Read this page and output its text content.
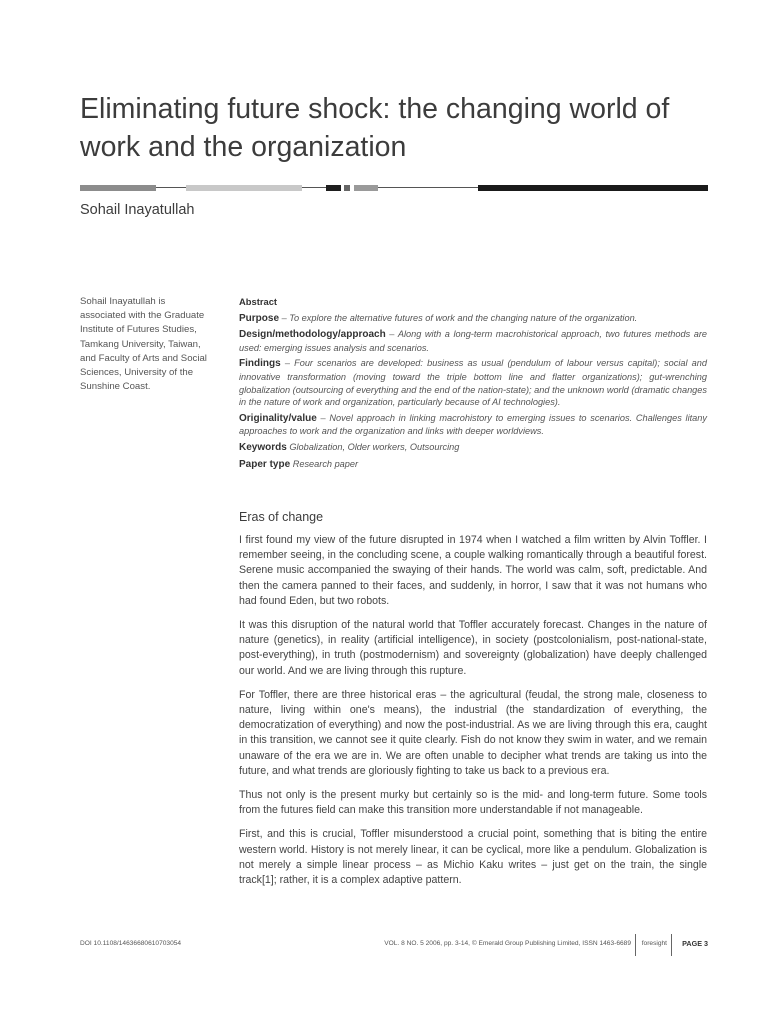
Eliminating future shock: the changing world of work and the organization
Sohail Inayatullah
Sohail Inayatullah is associated with the Graduate Institute of Futures Studies, Tamkang University, Taiwan, and Faculty of Arts and Social Sciences, University of the Sunshine Coast.
Abstract

Purpose – To explore the alternative futures of work and the changing nature of the organization.

Design/methodology/approach – Along with a long-term macrohistorical approach, two futures methods are used: emerging issues analysis and scenarios.

Findings – Four scenarios are developed: business as usual (pendulum of labour versus capital); social and innovative transformation (moving toward the triple bottom line and flatter organizations); gut-wrenching globalization (outsourcing of everything and the end of the nation-state); and the unknown world (dramatic changes in the nature of work and organization, particularly because of AI technologies).

Originality/value – Novel approach in linking macrohistory to emerging issues to scenarios. Challenges litany approaches to work and the organization and links with deeper worldviews.

Keywords Globalization, Older workers, Outsourcing

Paper type Research paper

Eras of change

I first found my view of the future disrupted in 1974 when I watched a film written by Alvin Toffler. I remember seeing, in the concluding scene, a couple walking romantically through a beautiful forest. Serene music accompanied the swaying of their hands. The world was calm, soft, predictable. And then the camera panned to their faces, and suddenly, in horror, I saw that it was not humans who had found Eden, but two robots.

It was this disruption of the natural world that Toffler accurately forecast. Changes in the nature of nature (genetics), in reality (artificial intelligence), in society (postcolonialism, post-national-state, post-everything), in truth (postmodernism) and sovereignty (globalization) have deeply challenged our world. And we are living through this rupture.

For Toffler, there are three historical eras – the agricultural (feudal, the strong male, closeness to nature, living within one's means), the industrial (the standardization of everything, the democratization of everything) and now the post-industrial. As we are living through this era, caught in this transition, we cannot see it quite clearly. Fish do not know they swim in water, and we remain unaware of the era we are in. We are often unable to decipher what trends are taking us into the future, and what trends are gloriously fighting to take us back to a previous era.

Thus not only is the present murky but certainly so is the mid- and long-term future. Some tools from the futures field can make this transition more understandable if not manageable.

First, and this is crucial, Toffler misunderstood a crucial point, something that is biting the entire western world. History is not merely linear, it can be cyclical, more like a pendulum. Globalization is not merely a simple linear process – as Michio Kaku writes – just get on the train, the single track[1]; rather, it is a complex adaptive pattern.

DOI 10.1108/14636680610703054	VOL. 8 NO. 5 2006, pp. 3-14, © Emerald Group Publishing Limited, ISSN 1463-6689 foresight PAGE 3
